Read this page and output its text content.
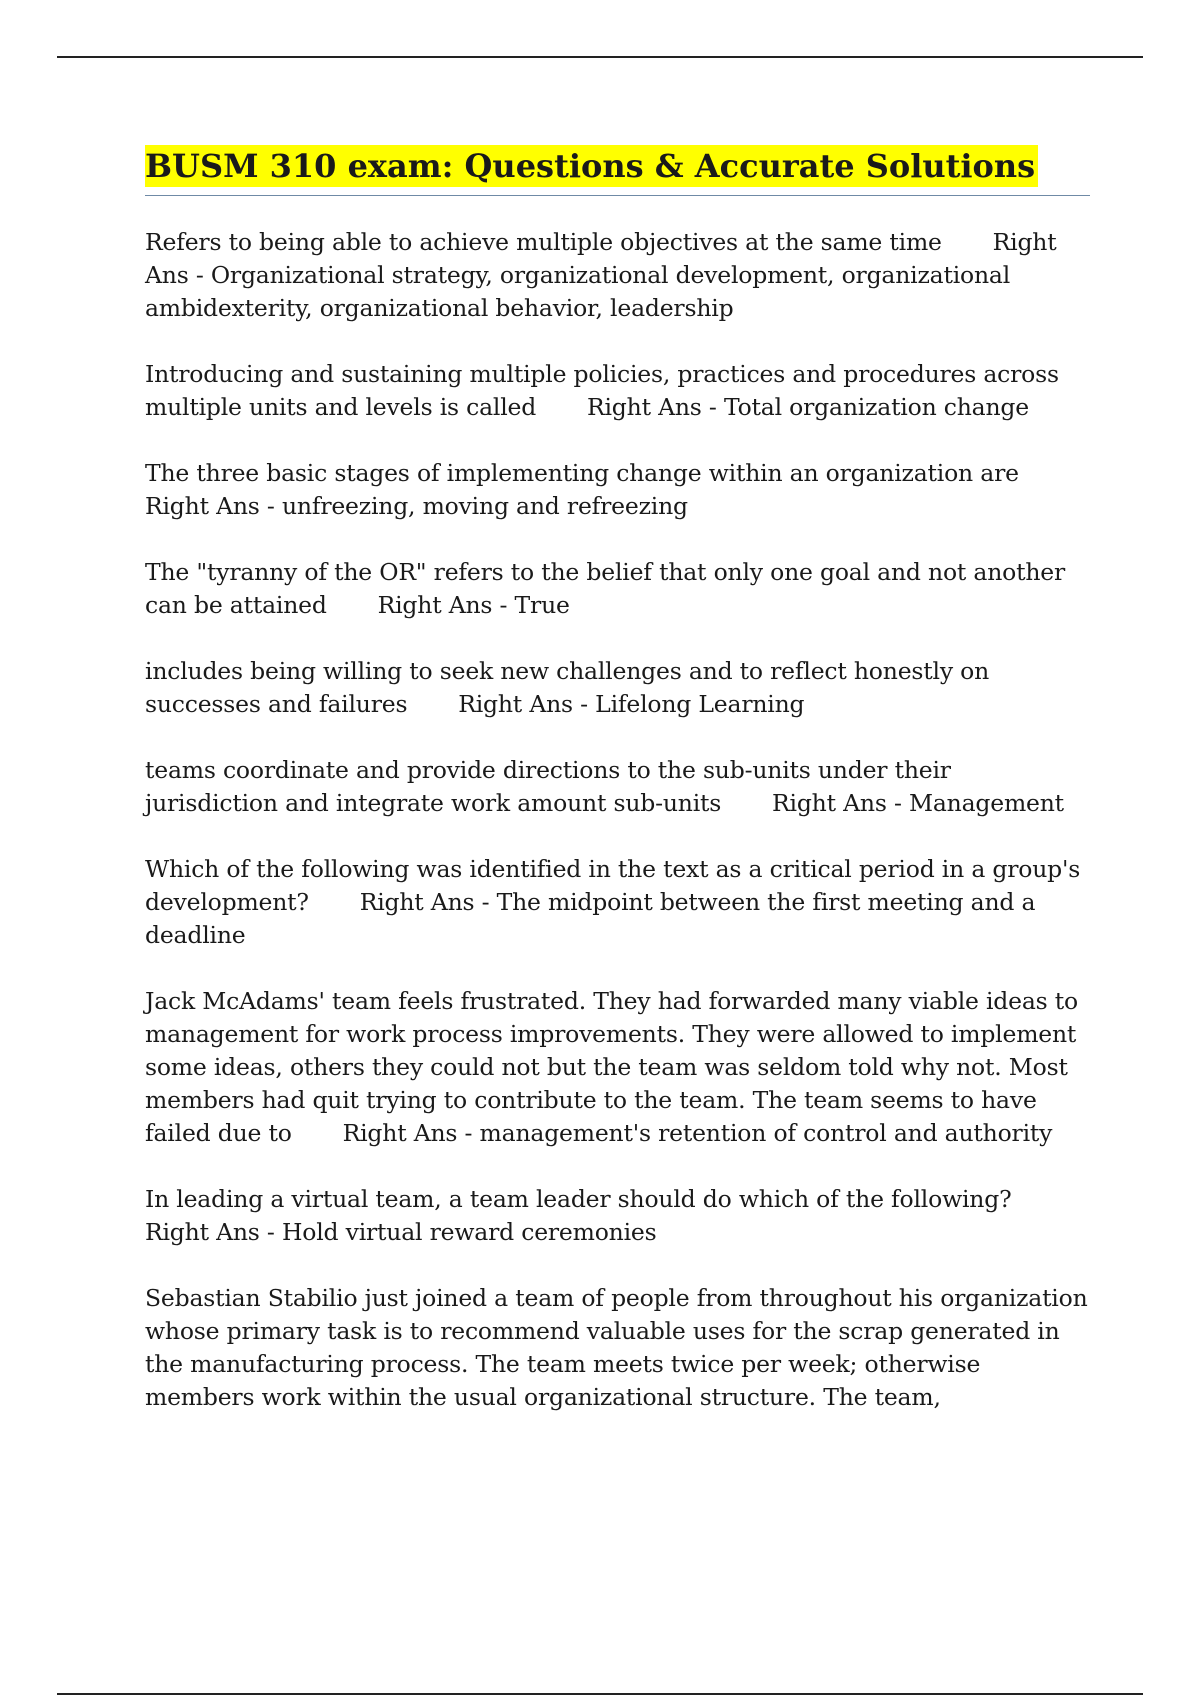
BUSM 310 exam: Questions & Accurate Solutions

Refers to being able to achieve multiple objectives at the same time Right Ans - Organizational strategy, organizational development, organizational ambidexterity, organizational behavior, leadership

Introducing and sustaining multiple policies, practices and procedures across multiple units and levels is called Right Ans - Total organization change

The three basic stages of implementing change within an organization are       Right Ans - unfreezing, moving and refreezing

The "tyranny of the OR" refers to the belief that only one goal and not another can be attained Right Ans - True

includes being willing to seek new challenges and to reflect honestly on successes and failures Right Ans - Lifelong Learning

teams coordinate and provide directions to the sub-units under their jurisdiction and integrate work amount sub-units Right Ans - Management

Which of the following was identified in the text as a critical period in a group's development? Right Ans - The midpoint between the first meeting and a deadline

Jack McAdams' team feels frustrated. They had forwarded many viable ideas to management for work process improvements. They were allowed to implement some ideas, others they could not but the team was seldom told why not. Most members had quit trying to contribute to the team. The team seems to have failed due to Right Ans - management's retention of control and authority

In leading a virtual team, a team leader should do which of the following?       Right Ans - Hold virtual reward ceremonies

Sebastian Stabilio just joined a team of people from throughout his organization whose primary task is to recommend valuable uses for the scrap generated in the manufacturing process. The team meets twice per week; otherwise members work within the usual organizational structure. The team,
